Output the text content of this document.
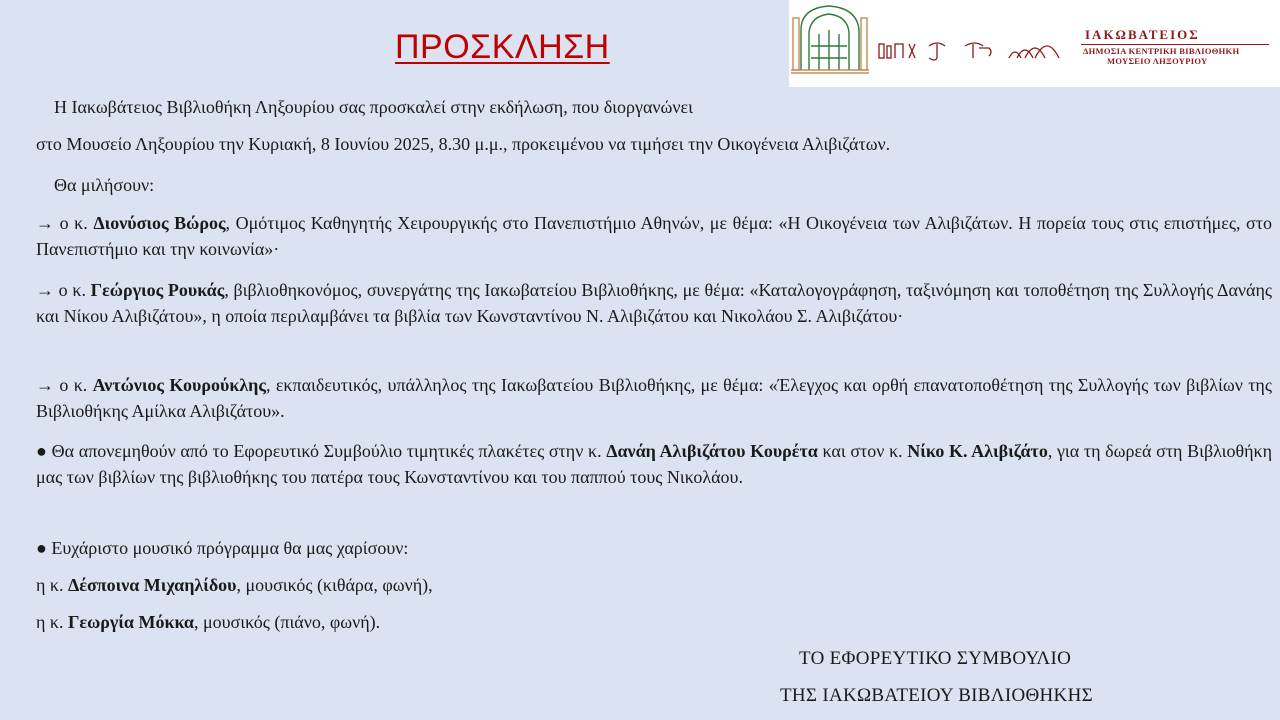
ΠΡΟΣΚΛΗΣΗ	ΙΑΚΩΒΑΤΕΙΟΣ
ΔΗΜΟΣΙΑ ΚΕΝΤΡΙΚΗ ΒΙΒΛΙΟΘΗΚΗ
ΜΟΥΣΕΙΟ ΛΗΞΟΥΡΙΟΥ
Η Ιακωβάτειος Βιβλιοθήκη Ληξουρίου σας προσκαλεί στην εκδήλωση, που διοργανώνει
στο Μουσείο Ληξουρίου την Κυριακή, 8 Ιουνίου 2025, 8.30 μ.μ., προκειμένου να τιμήσει την Οικογένεια Αλιβιζάτων.
Θα μιλήσουν:
→ ο κ. Διονύσιος Βώρος, Ομότιμος Καθηγητής Χειρουργικής στο Πανεπιστήμιο Αθηνών, με θέμα: «Η Οικογένεια των Αλιβιζάτων. Η πορεία τους στις επιστήμες, στο Πανεπιστήμιο και την κοινωνία»·
→ ο κ. Γεώργιος Ρουκάς, βιβλιοθηκονόμος, συνεργάτης της Ιακωβατείου Βιβλιοθήκης, με θέμα: «Καταλογογράφηση, ταξινόμηση και τοποθέτηση της Συλλογής Δανάης και Νίκου Αλιβιζάτου», η οποία περιλαμβάνει τα βιβλία των Κωνσταντίνου Ν. Αλιβιζάτου και Νικολάου Σ. Αλιβιζάτου·
→ ο κ. Αντώνιος Κουρούκλης, εκπαιδευτικός, υπάλληλος της Ιακωβατείου Βιβλιοθήκης, με θέμα: «Έλεγχος και ορθή επανατοποθέτηση της Συλλογής των βιβλίων της Βιβλιοθήκης Αμίλκα Αλιβιζάτου».
● Θα απονεμηθούν από το Εφορευτικό Συμβούλιο τιμητικές πλακέτες στην κ. Δανάη Αλιβιζάτου Κουρέτα και στον κ. Νίκο Κ. Αλιβιζάτο, για τη δωρεά στη Βιβλιοθήκη μας των βιβλίων της βιβλιοθήκης του πατέρα τους Κωνσταντίνου και του παππού τους Νικολάου.
● Ευχάριστο μουσικό πρόγραμμα θα μας χαρίσουν:
η κ. Δέσποινα Μιχαηλίδου, μουσικός (κιθάρα, φωνή),
η κ. Γεωργία Μόκκα, μουσικός (πιάνο, φωνή).
ΤΟ ΕΦΟΡΕΥΤΙΚΟ ΣΥΜΒΟΥΛΙΟ
ΤΗΣ ΙΑΚΩΒΑΤΕΙΟΥ ΒΙΒΛΙΟΘΗΚΗΣ
